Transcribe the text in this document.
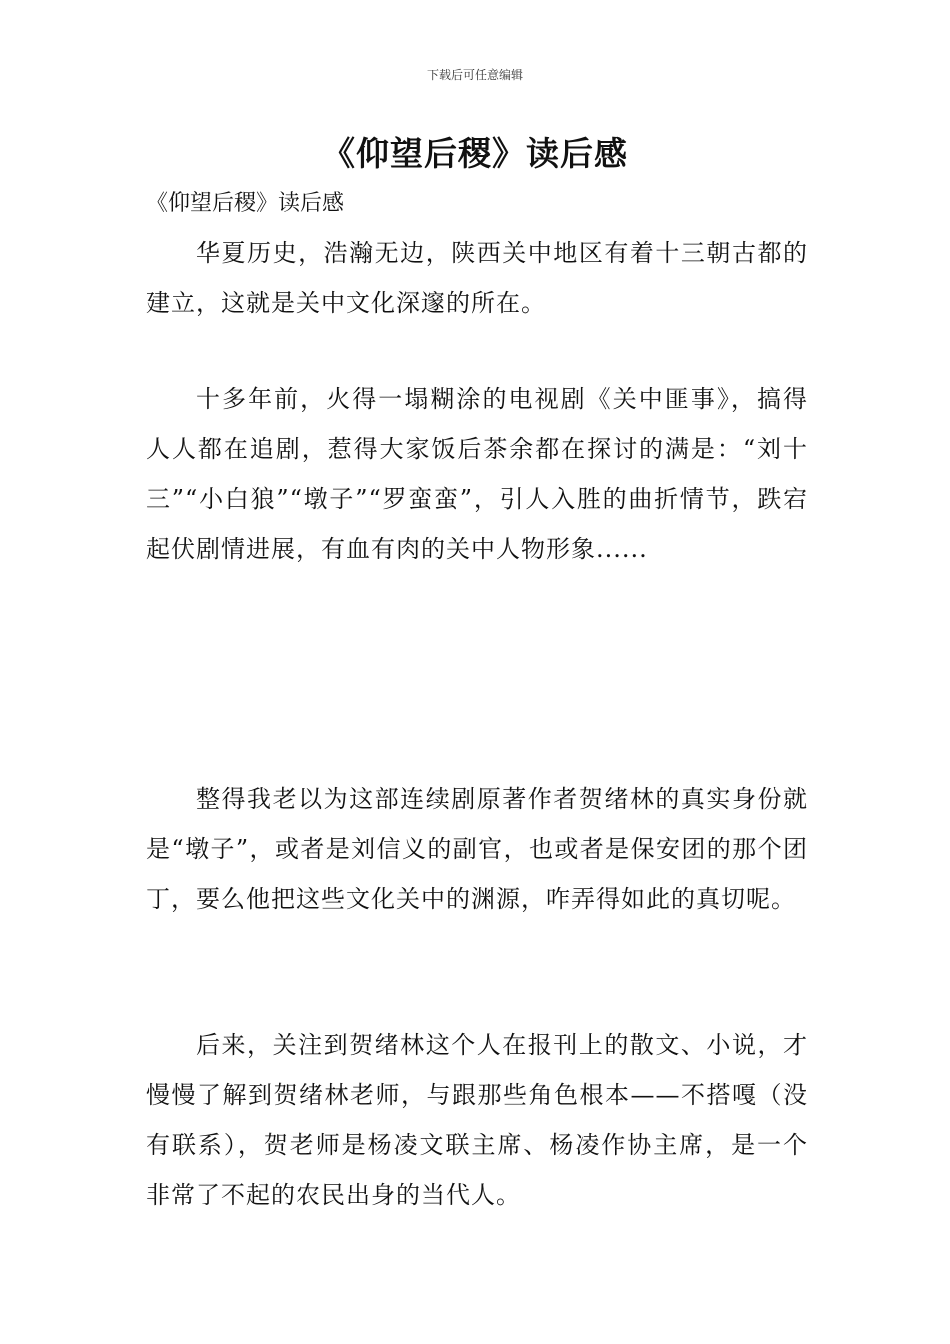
下载后可任意编辑
《仰望后稷》读后感
《仰望后稷》读后感
华夏历史，浩瀚无边，陕西关中地区有着十三朝古都的建立，这就是关中文化深邃的所在。
十多年前，火得一塌糊涂的电视剧《关中匪事》，搞得人人都在追剧，惹得大家饭后茶余都在探讨的满是：“刘十三”“小白狼”“墩子”“罗蛮蛮”，引人入胜的曲折情节，跌宕起伏剧情进展，有血有肉的关中人物形象......
整得我老以为这部连续剧原著作者贺绪林的真实身份就是“墩子”，或者是刘信义的副官，也或者是保安团的那个团丁，要么他把这些文化关中的渊源，咋弄得如此的真切呢。
后来，关注到贺绪林这个人在报刊上的散文、小说，才慢慢了解到贺绪林老师，与跟那些角色根本——不搭嘎（没有联系），贺老师是杨凌文联主席、杨凌作协主席，是一个非常了不起的农民出身的当代人。
